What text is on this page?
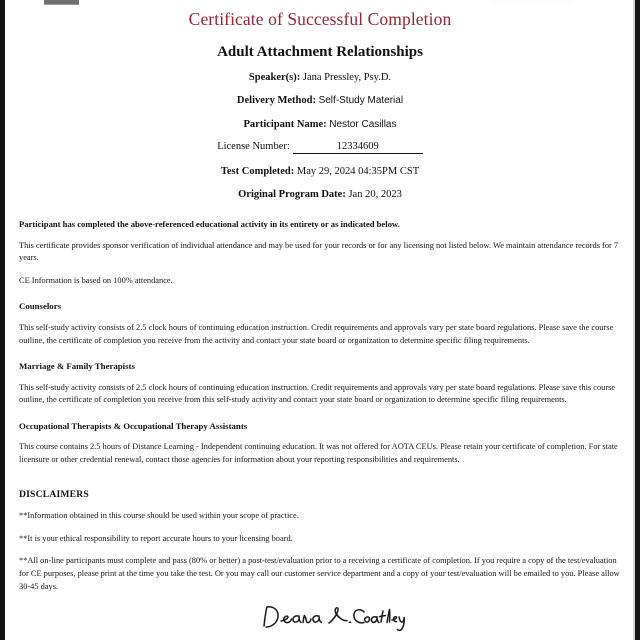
Certificate of Successful Completion
Adult Attachment Relationships
Speaker(s): Jana Pressley, Psy.D.
Delivery Method: Self-Study Material
Participant Name: Nestor Casillas
License Number:	12334609
Test Completed: May 29, 2024 04:35PM CST
Original Program Date: Jan 20, 2023
Participant has completed the above-referenced educational activity in its entirety or as indicated below.

This certificate provides sponsor verification of individual attendance and may be used for your records or for any licensing not listed below. We maintain attendance records for 7 years.

CE Information is based on 100% attendance.

Counselors

This self-study activity consists of 2.5 clock hours of continuing education instruction. Credit requirements and approvals vary per state board regulations. Please save the course outline, the certificate of completion you receive from the activity and contact your state board or organization to determine specific filing requirements.

Marriage & Family Therapists

This self-study activity consists of 2.5 clock hours of continuing education instruction. Credit requirements and approvals vary per state board regulations. Please save this course outline, the certificate of completion you receive from this self-study activity and contact your state board or organization to determine specific filing requirements.

Occupational Therapists & Occupational Therapy Assistants

This course contains 2.5 hours of Distance Learning - Independent continuing education. It was not offered for AOTA CEUs. Please retain your certificate of completion. For state licensure or other credential renewal, contact those agencies for information about your reporting responsibilities and requirements.

DISCLAIMERS

**Information obtained in this course should be used within your scope of practice.

**It is your ethical responsibility to report accurate hours to your licensing board.

**All on-line participants must complete and pass (80% or better) a post-test/evaluation prior to a receiving a certificate of completion. If you require a copy of the test/evaluation for CE purposes, please print at the time you take the test. Or you may call our customer service department and a copy of your test/evaluation will be emailed to you. Please allow 30-45 days.
